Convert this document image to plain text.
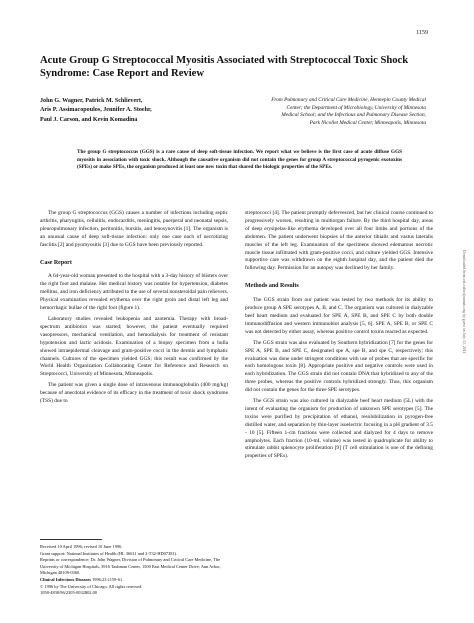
1159
Downloaded from cid.oxfordjournals.org by guest on July 13, 2011
Acute Group G Streptococcal Myositis Associated with Streptococcal Toxic Shock Syndrome: Case Report and Review
John G. Wagner, Patrick M. Schlievert,
Aris P. Assimacopoulos, Jennifer A. Stoehr,
Paul J. Carson, and Kevin Komadina
From Pulmonary and Critical Care Medicine, Hennepin County Medical
Center; the Department of Microbiology, University of Minnesota
Medical School; and the Infectious and Pulmonary Disease Section,
Park Nicollet Medical Center, Minneapolis, Minnesota
The group G streptococcus (GGS) is a rare cause of deep soft-tissue infection. We report what we believe is the first case of acute diffuse GGS myositis in association with toxic shock. Although the causative organism did not contain the genes for group A streptococcal pyrogenic exotoxins (SPEs) or make SPEs, the organism produced at least one new toxin that shared the biologic properties of the SPEs.

The group G streptococcus (GGS) causes a number of infections including septic arthritis, pharyngitis, cellulitis, endocarditis, meningitis, puerperal and neonatal sepsis, pleuropulmonary infection, peritonitis, bursitis, and tenosynovitis [1]. The organism is an unusual cause of deep soft-tissue infection: only one case each of necrotizing fasciitis [2] and pyomyositis [3] due to GGS have been previously reported.

Case Report

A 64-year-old woman presented to the hospital with a 3-day history of blisters over the right foot and malaise. Her medical history was notable for hypertension, diabetes mellitus, and iron deficiency attributed to the use of several nonsteroidal pain relievers. Physical examination revealed erythema over the right groin and distal left leg and hemorrhagic bullae of the right foot (figure 1).

Laboratory studies revealed leukopenia and azotemia. Therapy with broad-spectrum antibiotics was started; however, the patient eventually required vasopressors, mechanical ventilation, and hemodialysis for treatment of resistant hypotension and lactic acidosis. Examination of a biopsy specimen from a bulla showed intraepidermal cleavage and gram-positive cocci in the dermis and lymphatic channels. Cultures of the specimen yielded GGS; this result was confirmed by the World Health Organization Collaborating Center for Reference and Research on Streptococci, University of Minnesota, Minneapolis.

The patient was given a single dose of intravenous immunoglobulin (400 mg/kg) because of anecdotal evidence of its efficacy in the treatment of toxic shock syndrome (TSS) due to

streptococci [4]. The patient promptly defervesced, but her clinical course continued to progressively worsen, resulting in multiorgan failure. By the third hospital day, areas of deep erysipelas-like erythema developed over all four limbs and portions of the abdomen. The patient underwent biopsies of the anterior tibialis and vastus lateralis muscles of the left leg. Examination of the specimens showed edematous necrotic muscle tissue infiltrated with gram-positive cocci, and culture yielded GGS. Intensive supportive care was withdrawn on the eighth hospital day, and the patient died the following day. Permission for an autopsy was declined by her family.

Methods and Results

The GGS strain from our patient was tested by two methods for its ability to produce group A SPE serotypes A, B, and C. The organism was cultured in dialyzable beef heart medium and evaluated for SPE A, SPE B, and SPE C by both double immunodiffusion and western immunoblot analysis [5, 6]. SPE A, SPE B, or SPE C was not detected by either assay, whereas positive control toxins reacted as expected.

The GGS strain was also evaluated by Southern hybridization [7] for the genes for SPE A, SPE B, and SPE C, designated spe A, spe B, and spe C, respectively; this evaluation was done under stringent conditions with use of probes that are specific for each homologous toxin [8]. Appropriate positive and negative controls were used in each hybridization. The GGS strain did not contain DNA that hybridized to any of the three probes, whereas the positive controls hybridized strongly. Thus, this organism did not contain the genes for the three SPE serotypes.

The GGS strain was also cultured in dialyzable beef heart medium (5L) with the intent of evaluating the organism for production of unknown SPE serotypes [5]. The toxins were purified by precipitation of ethanol, resolubilization in pyrogen-free distilled water, and separation by thin-layer isoelectric focusing in a pH gradient of 3.5 - 10 [5]. Fifteen 1-cm fractions were collected and dialyzed for 4 days to remove ampholytes. Each fraction (10-mL volume) was tested in quadruplicate for ability to stimulate rabbit splenocyte proliferation [9] (T cell stimulation is one of the defining properties of SPEs).

Received 10 April 1996; revised 10 June 1996.

Grant support: National Institutes of Health (HL 36611 and 2-T32-HD07381).

Reprints or correspondence: Dr. John Wagner, Division of Pulmonary and Critical Care Medicine, The University of Michigan Hospitals, 3916 Taubman Center, 1500 East Medical Center Drive, Ann Arbor, Michigan 48109-0360.

Clinical Infectious Diseases 1996;23:1159-61

© 1996 by The University of Chicago. All rights reserved.

1058-4838/96/2305-0032$02.00
